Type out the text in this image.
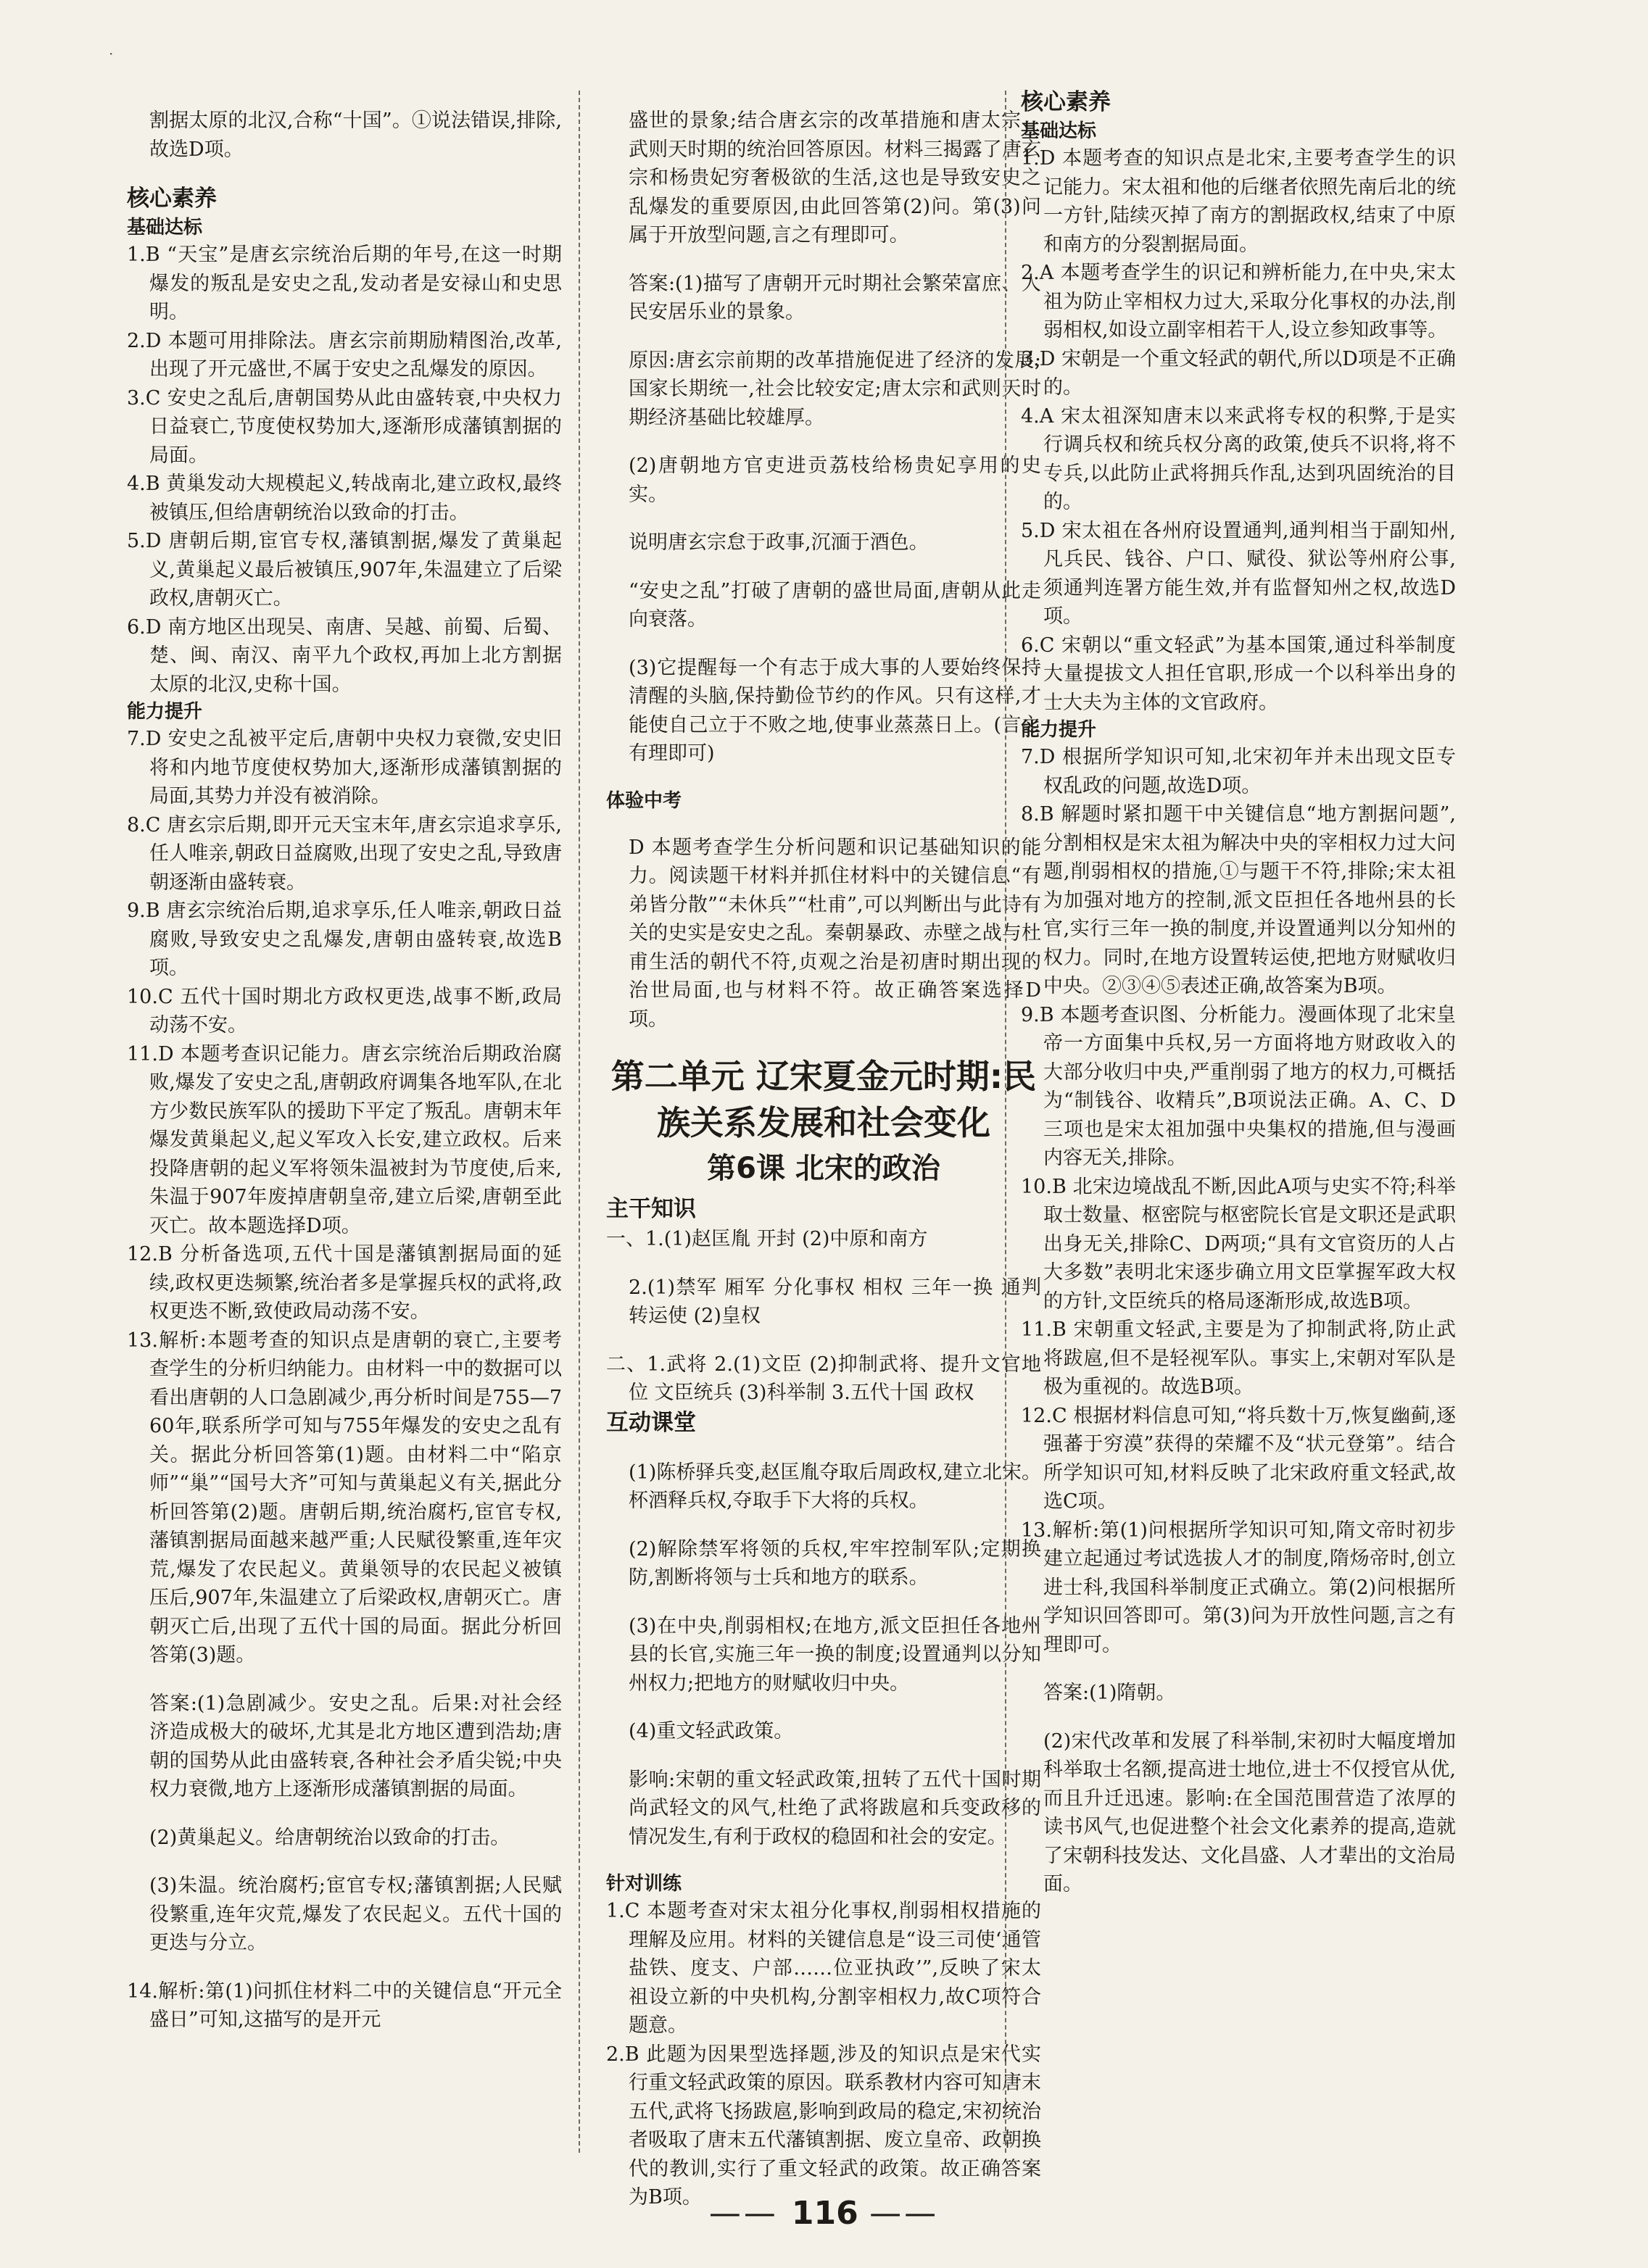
·

割据太原的北汉,合称“十国”。①说法错误,排除,故选D项。

核心素养

基础达标

1.B “天宝”是唐玄宗统治后期的年号,在这一时期爆发的叛乱是安史之乱,发动者是安禄山和史思明。

2.D 本题可用排除法。唐玄宗前期励精图治,改革,出现了开元盛世,不属于安史之乱爆发的原因。

3.C 安史之乱后,唐朝国势从此由盛转衰,中央权力日益衰亡,节度使权势加大,逐渐形成藩镇割据的局面。

4.B 黄巢发动大规模起义,转战南北,建立政权,最终被镇压,但给唐朝统治以致命的打击。

5.D 唐朝后期,宦官专权,藩镇割据,爆发了黄巢起义,黄巢起义最后被镇压,907年,朱温建立了后梁政权,唐朝灭亡。

6.D 南方地区出现吴、南唐、吴越、前蜀、后蜀、楚、闽、南汉、南平九个政权,再加上北方割据太原的北汉,史称十国。

能力提升

7.D 安史之乱被平定后,唐朝中央权力衰微,安史旧将和内地节度使权势加大,逐渐形成藩镇割据的局面,其势力并没有被消除。

8.C 唐玄宗后期,即开元天宝末年,唐玄宗追求享乐,任人唯亲,朝政日益腐败,出现了安史之乱,导致唐朝逐渐由盛转衰。

9.B 唐玄宗统治后期,追求享乐,任人唯亲,朝政日益腐败,导致安史之乱爆发,唐朝由盛转衰,故选B项。

10.C 五代十国时期北方政权更迭,战事不断,政局动荡不安。

11.D 本题考查识记能力。唐玄宗统治后期政治腐败,爆发了安史之乱,唐朝政府调集各地军队,在北方少数民族军队的援助下平定了叛乱。唐朝末年爆发黄巢起义,起义军攻入长安,建立政权。后来投降唐朝的起义军将领朱温被封为节度使,后来,朱温于907年废掉唐朝皇帝,建立后梁,唐朝至此灭亡。故本题选择D项。

12.B 分析备选项,五代十国是藩镇割据局面的延续,政权更迭频繁,统治者多是掌握兵权的武将,政权更迭不断,致使政局动荡不安。

13.解析:本题考查的知识点是唐朝的衰亡,主要考查学生的分析归纳能力。由材料一中的数据可以看出唐朝的人口急剧减少,再分析时间是755—760年,联系所学可知与755年爆发的安史之乱有关。据此分析回答第(1)题。由材料二中“陷京师”“巢”“国号大齐”可知与黄巢起义有关,据此分析回答第(2)题。唐朝后期,统治腐朽,宦官专权,藩镇割据局面越来越严重;人民赋役繁重,连年灾荒,爆发了农民起义。黄巢领导的农民起义被镇压后,907年,朱温建立了后梁政权,唐朝灭亡。唐朝灭亡后,出现了五代十国的局面。据此分析回答第(3)题。

答案:(1)急剧减少。安史之乱。后果:对社会经济造成极大的破坏,尤其是北方地区遭到浩劫;唐朝的国势从此由盛转衰,各种社会矛盾尖锐;中央权力衰微,地方上逐渐形成藩镇割据的局面。

(2)黄巢起义。给唐朝统治以致命的打击。

(3)朱温。统治腐朽;宦官专权;藩镇割据;人民赋役繁重,连年灾荒,爆发了农民起义。五代十国的更迭与分立。

14.解析:第(1)问抓住材料二中的关键信息“开元全盛日”可知,这描写的是开元

盛世的景象;结合唐玄宗的改革措施和唐太宗、武则天时期的统治回答原因。材料三揭露了唐玄宗和杨贵妃穷奢极欲的生活,这也是导致安史之乱爆发的重要原因,由此回答第(2)问。第(3)问属于开放型问题,言之有理即可。

答案:(1)描写了唐朝开元时期社会繁荣富庶、人民安居乐业的景象。

原因:唐玄宗前期的改革措施促进了经济的发展;国家长期统一,社会比较安定;唐太宗和武则天时期经济基础比较雄厚。

(2)唐朝地方官吏进贡荔枝给杨贵妃享用的史实。

说明唐玄宗怠于政事,沉湎于酒色。

“安史之乱”打破了唐朝的盛世局面,唐朝从此走向衰落。

(3)它提醒每一个有志于成大事的人要始终保持清醒的头脑,保持勤俭节约的作风。只有这样,才能使自己立于不败之地,使事业蒸蒸日上。(言之有理即可)

体验中考

D 本题考查学生分析问题和识记基础知识的能力。阅读题干材料并抓住材料中的关键信息“有弟皆分散”“未休兵”“杜甫”,可以判断出与此诗有关的史实是安史之乱。秦朝暴政、赤壁之战与杜甫生活的朝代不符,贞观之治是初唐时期出现的治世局面,也与材料不符。故正确答案选择D项。

第二单元 辽宋夏金元时期:民族关系发展和社会变化

第6课 北宋的政治

主干知识

一、1.(1)赵匡胤 开封 (2)中原和南方

2.(1)禁军 厢军 分化事权 相权 三年一换 通判 转运使 (2)皇权

二、1.武将 2.(1)文臣 (2)抑制武将、提升文官地位 文臣统兵 (3)科举制 3.五代十国 政权

互动课堂

(1)陈桥驿兵变,赵匡胤夺取后周政权,建立北宋。杯酒释兵权,夺取手下大将的兵权。

(2)解除禁军将领的兵权,牢牢控制军队;定期换防,割断将领与士兵和地方的联系。

(3)在中央,削弱相权;在地方,派文臣担任各地州县的长官,实施三年一换的制度;设置通判以分知州权力;把地方的财赋收归中央。

(4)重文轻武政策。

影响:宋朝的重文轻武政策,扭转了五代十国时期尚武轻文的风气,杜绝了武将跋扈和兵变政移的情况发生,有利于政权的稳固和社会的安定。

针对训练

1.C 本题考查对宋太祖分化事权,削弱相权措施的理解及应用。材料的关键信息是“设三司使‘通管盐铁、度支、户部……位亚执政’”,反映了宋太祖设立新的中央机构,分割宰相权力,故C项符合题意。

2.B 此题为因果型选择题,涉及的知识点是宋代实行重文轻武政策的原因。联系教材内容可知唐末五代,武将飞扬跋扈,影响到政局的稳定,宋初统治者吸取了唐末五代藩镇割据、废立皇帝、政朝换代的教训,实行了重文轻武的政策。故正确答案为B项。

核心素养

基础达标

1.D 本题考查的知识点是北宋,主要考查学生的识记能力。宋太祖和他的后继者依照先南后北的统一方针,陆续灭掉了南方的割据政权,结束了中原和南方的分裂割据局面。

2.A 本题考查学生的识记和辨析能力,在中央,宋太祖为防止宰相权力过大,采取分化事权的办法,削弱相权,如设立副宰相若干人,设立参知政事等。

3.D 宋朝是一个重文轻武的朝代,所以D项是不正确的。

4.A 宋太祖深知唐末以来武将专权的积弊,于是实行调兵权和统兵权分离的政策,使兵不识将,将不专兵,以此防止武将拥兵作乱,达到巩固统治的目的。

5.D 宋太祖在各州府设置通判,通判相当于副知州,凡兵民、钱谷、户口、赋役、狱讼等州府公事,须通判连署方能生效,并有监督知州之权,故选D项。

6.C 宋朝以“重文轻武”为基本国策,通过科举制度大量提拔文人担任官职,形成一个以科举出身的士大夫为主体的文官政府。

能力提升

7.D 根据所学知识可知,北宋初年并未出现文臣专权乱政的问题,故选D项。

8.B 解题时紧扣题干中关键信息“地方割据问题”,分割相权是宋太祖为解决中央的宰相权力过大问题,削弱相权的措施,①与题干不符,排除;宋太祖为加强对地方的控制,派文臣担任各地州县的长官,实行三年一换的制度,并设置通判以分知州的权力。同时,在地方设置转运使,把地方财赋收归中央。②③④⑤表述正确,故答案为B项。

9.B 本题考查识图、分析能力。漫画体现了北宋皇帝一方面集中兵权,另一方面将地方财政收入的大部分收归中央,严重削弱了地方的权力,可概括为“制钱谷、收精兵”,B项说法正确。A、C、D三项也是宋太祖加强中央集权的措施,但与漫画内容无关,排除。

10.B 北宋边境战乱不断,因此A项与史实不符;科举取士数量、枢密院与枢密院长官是文职还是武职出身无关,排除C、D两项;“具有文官资历的人占大多数”表明北宋逐步确立用文臣掌握军政大权的方针,文臣统兵的格局逐渐形成,故选B项。

11.B 宋朝重文轻武,主要是为了抑制武将,防止武将跋扈,但不是轻视军队。事实上,宋朝对军队是极为重视的。故选B项。

12.C 根据材料信息可知,“将兵数十万,恢复幽蓟,逐强蕃于穷漠”获得的荣耀不及“状元登第”。结合所学知识可知,材料反映了北宋政府重文轻武,故选C项。

13.解析:第(1)问根据所学知识可知,隋文帝时初步建立起通过考试选拔人才的制度,隋炀帝时,创立进士科,我国科举制度正式确立。第(2)问根据所学知识回答即可。第(3)问为开放性问题,言之有理即可。

答案:(1)隋朝。

(2)宋代改革和发展了科举制,宋初时大幅度增加科举取士名额,提高进士地位,进士不仅授官从优,而且升迁迅速。影响:在全国范围营造了浓厚的读书风气,也促进整个社会文化素养的提高,造就了宋朝科技发达、文化昌盛、人才辈出的文治局面。

—— 116 ——
